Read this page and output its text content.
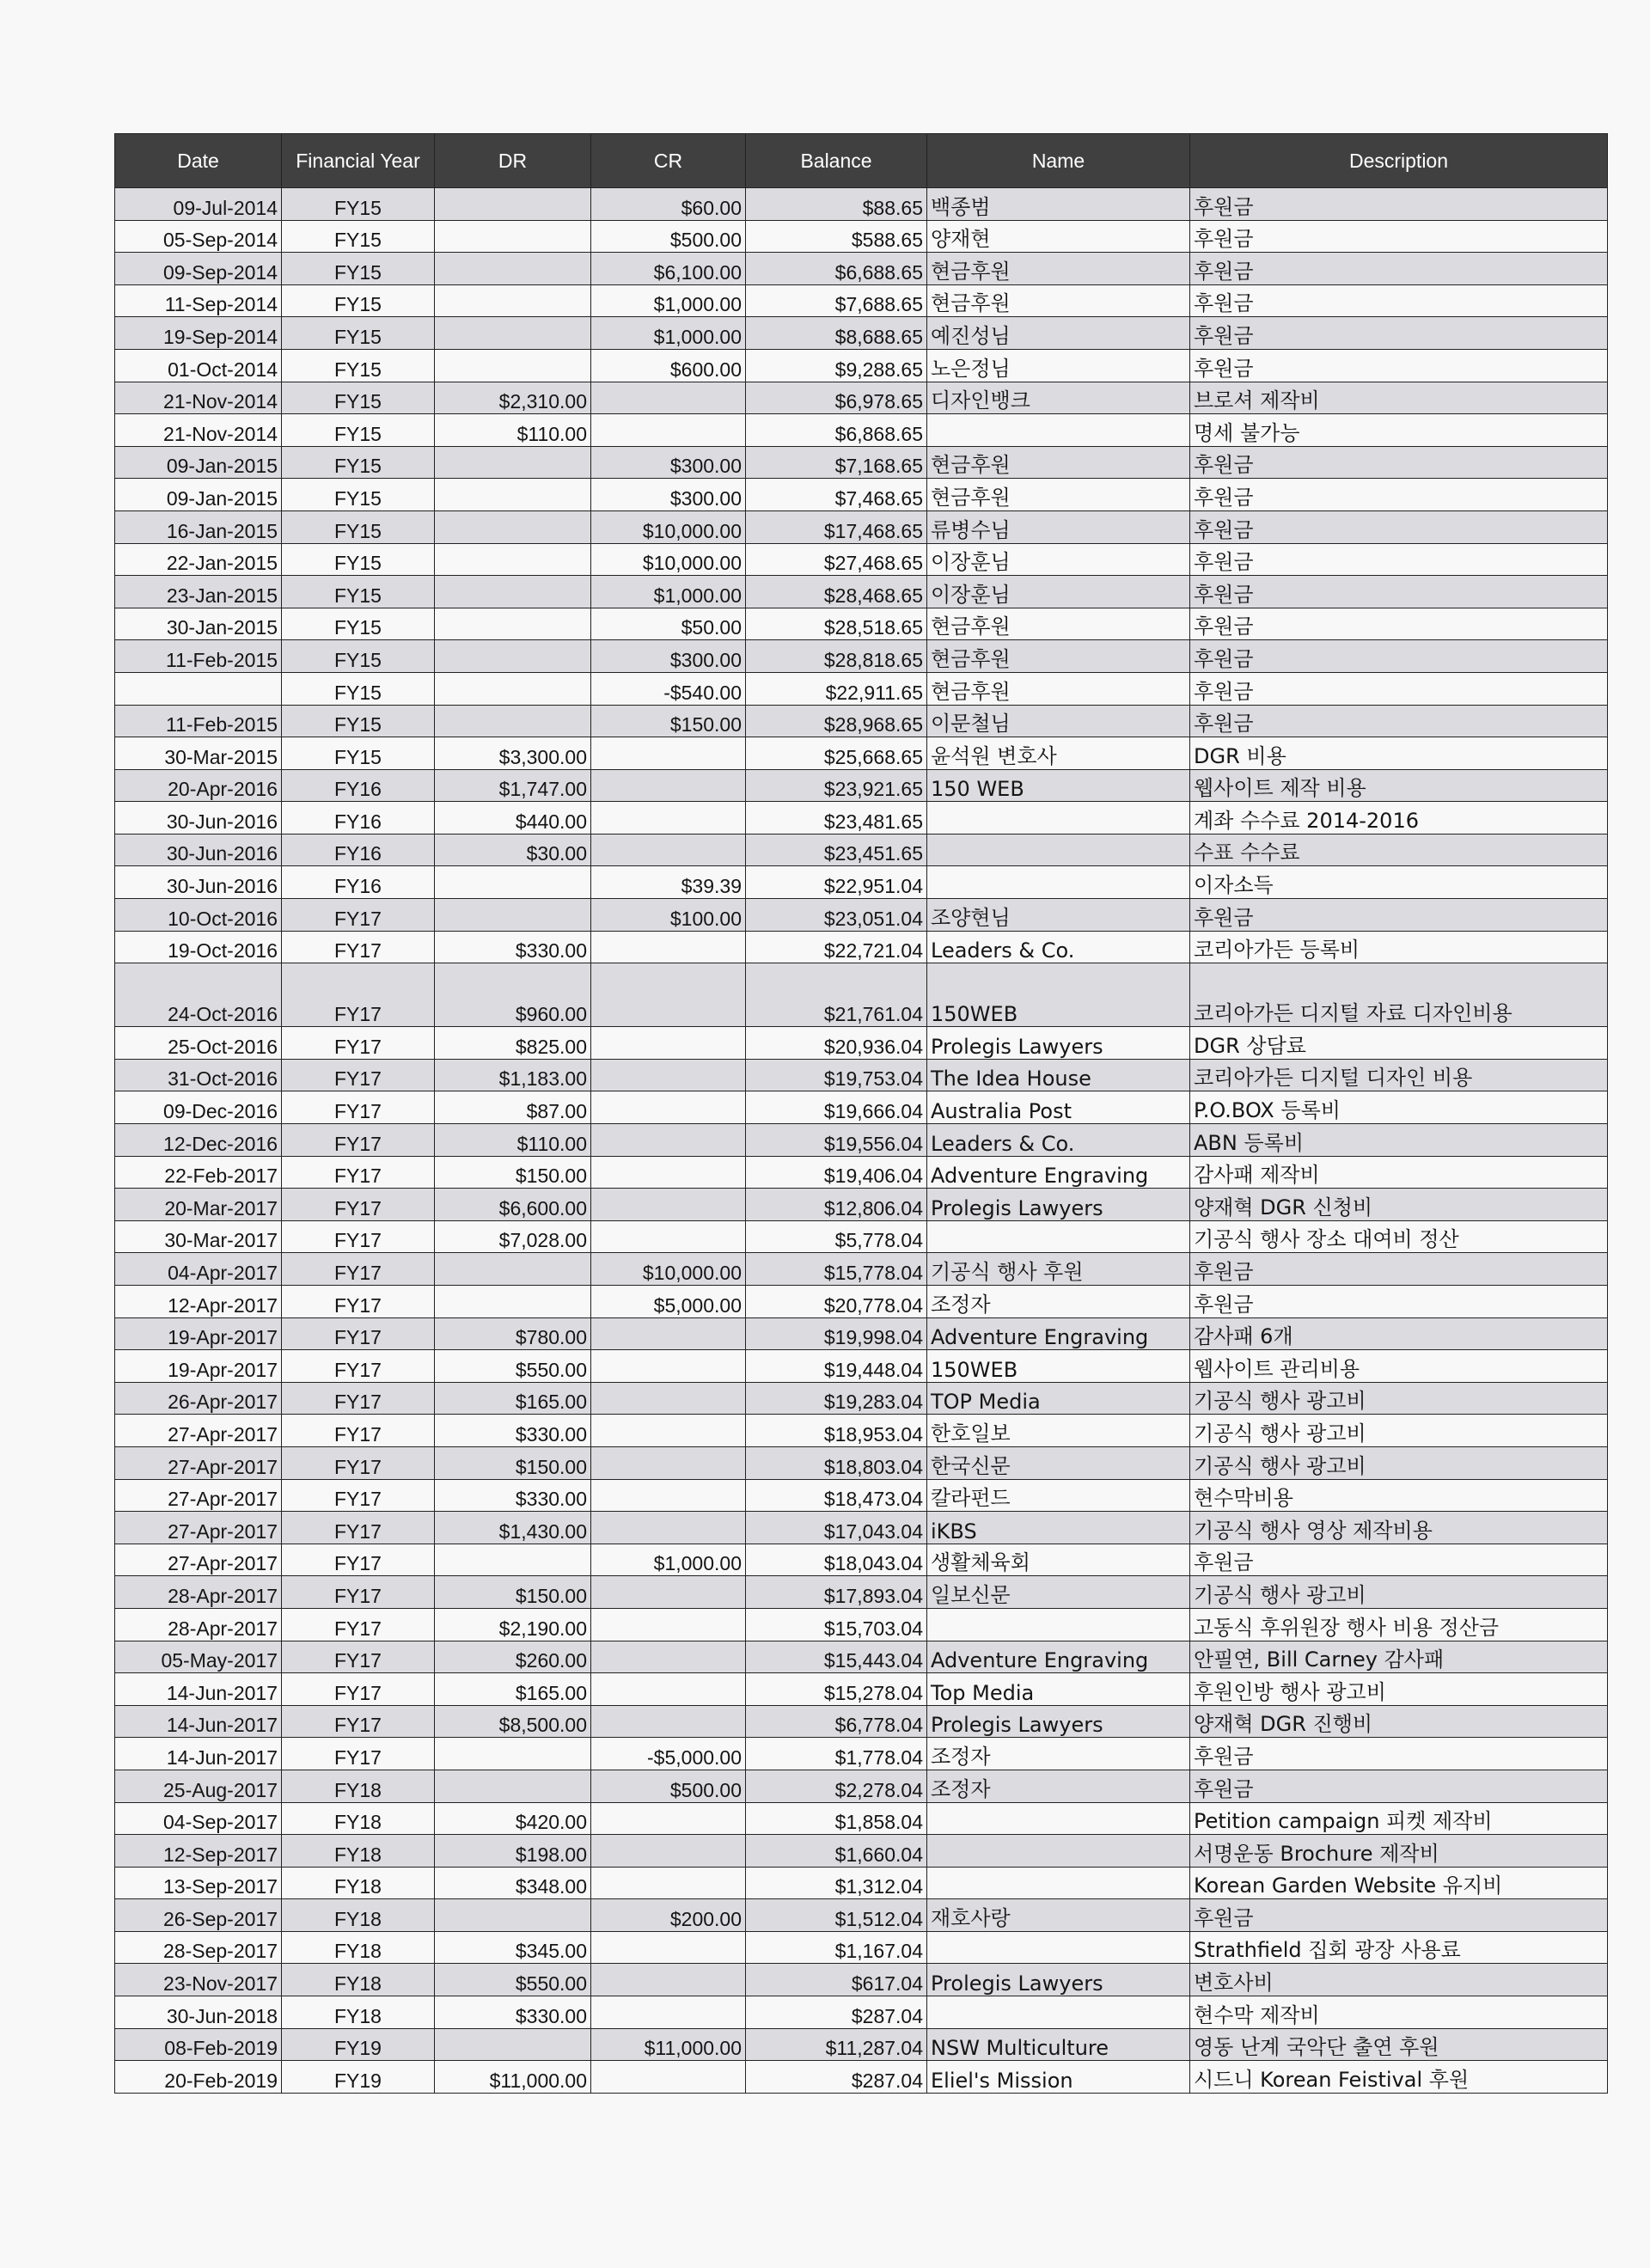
Date	Financial Year	DR	CR	Balance	Name	Description
09-Jul-2014	FY15		$60.00	$88.65	백종범	후원금
05-Sep-2014	FY15		$500.00	$588.65	양재현	후원금
09-Sep-2014	FY15		$6,100.00	$6,688.65	현금후원	후원금
11-Sep-2014	FY15		$1,000.00	$7,688.65	현금후원	후원금
19-Sep-2014	FY15		$1,000.00	$8,688.65	예진성님	후원금
01-Oct-2014	FY15		$600.00	$9,288.65	노은정님	후원금
21-Nov-2014	FY15	$2,310.00		$6,978.65	디자인뱅크	브로셔 제작비
21-Nov-2014	FY15	$110.00		$6,868.65		명세 불가능
09-Jan-2015	FY15		$300.00	$7,168.65	현금후원	후원금
09-Jan-2015	FY15		$300.00	$7,468.65	현금후원	후원금
16-Jan-2015	FY15		$10,000.00	$17,468.65	류병수님	후원금
22-Jan-2015	FY15		$10,000.00	$27,468.65	이장훈님	후원금
23-Jan-2015	FY15		$1,000.00	$28,468.65	이장훈님	후원금
30-Jan-2015	FY15		$50.00	$28,518.65	현금후원	후원금
11-Feb-2015	FY15		$300.00	$28,818.65	현금후원	후원금
	FY15		-$540.00	$22,911.65	현금후원	후원금
11-Feb-2015	FY15		$150.00	$28,968.65	이문철님	후원금
30-Mar-2015	FY15	$3,300.00		$25,668.65	윤석원 변호사	DGR 비용
20-Apr-2016	FY16	$1,747.00		$23,921.65	150 WEB	웹사이트 제작 비용
30-Jun-2016	FY16	$440.00		$23,481.65		계좌 수수료 2014-2016
30-Jun-2016	FY16	$30.00		$23,451.65		수표 수수료
30-Jun-2016	FY16		$39.39	$22,951.04		이자소득
10-Oct-2016	FY17		$100.00	$23,051.04	조양현님	후원금
19-Oct-2016	FY17	$330.00		$22,721.04	Leaders & Co.	코리아가든 등록비
24-Oct-2016	FY17	$960.00		$21,761.04	150WEB	코리아가든 디지털 자료 디자인비용
25-Oct-2016	FY17	$825.00		$20,936.04	Prolegis Lawyers	DGR 상담료
31-Oct-2016	FY17	$1,183.00		$19,753.04	The Idea House	코리아가든 디지털 디자인 비용
09-Dec-2016	FY17	$87.00		$19,666.04	Australia Post	P.O.BOX 등록비
12-Dec-2016	FY17	$110.00		$19,556.04	Leaders & Co.	ABN 등록비
22-Feb-2017	FY17	$150.00		$19,406.04	Adventure Engraving	감사패 제작비
20-Mar-2017	FY17	$6,600.00		$12,806.04	Prolegis Lawyers	양재혁 DGR 신청비
30-Mar-2017	FY17	$7,028.00		$5,778.04		기공식 행사 장소 대여비 정산
04-Apr-2017	FY17		$10,000.00	$15,778.04	기공식 행사 후원	후원금
12-Apr-2017	FY17		$5,000.00	$20,778.04	조정자	후원금
19-Apr-2017	FY17	$780.00		$19,998.04	Adventure Engraving	감사패 6개
19-Apr-2017	FY17	$550.00		$19,448.04	150WEB	웹사이트 관리비용
26-Apr-2017	FY17	$165.00		$19,283.04	TOP Media	기공식 행사 광고비
27-Apr-2017	FY17	$330.00		$18,953.04	한호일보	기공식 행사 광고비
27-Apr-2017	FY17	$150.00		$18,803.04	한국신문	기공식 행사 광고비
27-Apr-2017	FY17	$330.00		$18,473.04	칼라펀드	현수막비용
27-Apr-2017	FY17	$1,430.00		$17,043.04	iKBS	기공식 행사 영상 제작비용
27-Apr-2017	FY17		$1,000.00	$18,043.04	생활체육회	후원금
28-Apr-2017	FY17	$150.00		$17,893.04	일보신문	기공식 행사 광고비
28-Apr-2017	FY17	$2,190.00		$15,703.04		고동식 후위원장 행사 비용 정산금
05-May-2017	FY17	$260.00		$15,443.04	Adventure Engraving	안필연, Bill Carney 감사패
14-Jun-2017	FY17	$165.00		$15,278.04	Top Media	후원인방 행사 광고비
14-Jun-2017	FY17	$8,500.00		$6,778.04	Prolegis Lawyers	양재혁 DGR 진행비
14-Jun-2017	FY17		-$5,000.00	$1,778.04	조정자	후원금
25-Aug-2017	FY18		$500.00	$2,278.04	조정자	후원금
04-Sep-2017	FY18	$420.00		$1,858.04		Petition campaign 피켓 제작비
12-Sep-2017	FY18	$198.00		$1,660.04		서명운동 Brochure 제작비
13-Sep-2017	FY18	$348.00		$1,312.04		Korean Garden Website 유지비
26-Sep-2017	FY18		$200.00	$1,512.04	재호사랑	후원금
28-Sep-2017	FY18	$345.00		$1,167.04		Strathfield 집회 광장 사용료
23-Nov-2017	FY18	$550.00		$617.04	Prolegis Lawyers	변호사비
30-Jun-2018	FY18	$330.00		$287.04		현수막 제작비
08-Feb-2019	FY19		$11,000.00	$11,287.04	NSW Multiculture	영동 난계 국악단 출연 후원
20-Feb-2019	FY19	$11,000.00		$287.04	Eliel's Mission	시드니 Korean Feistival 후원
